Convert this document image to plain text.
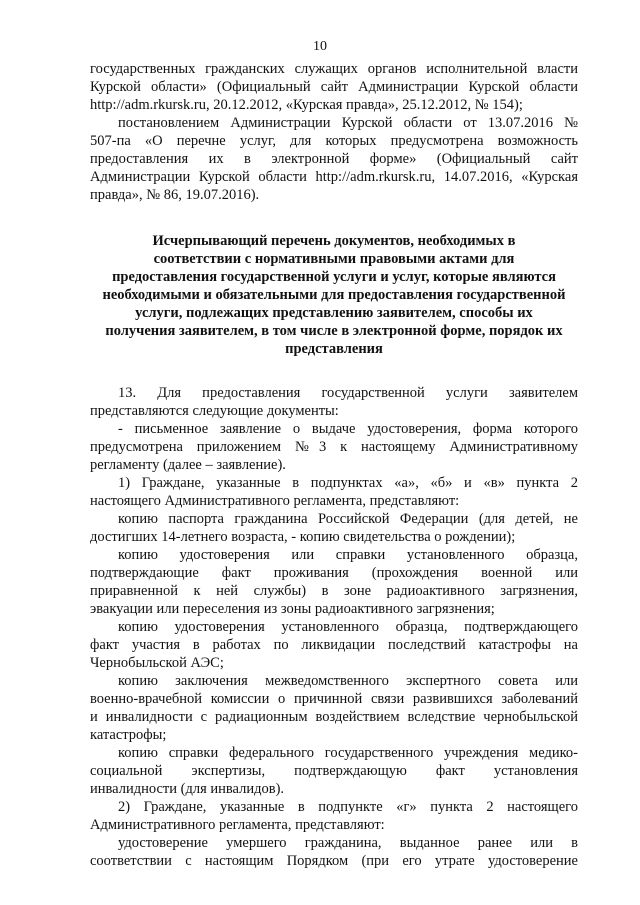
10
государственных гражданских служащих органов исполнительной власти
Курской области» (Официальный сайт Администрации Курской области
http://adm.rkursk.ru, 20.12.2012, «Курская правда», 25.12.2012, № 154);
постановлением Администрации Курской области от 13.07.2016 №
507-па «О перечне услуг, для которых предусмотрена возможность
предоставления их в электронной форме» (Официальный сайт
Администрации Курской области http://adm.rkursk.ru, 14.07.2016, «Курская
правда», № 86, 19.07.2016).
Исчерпывающий перечень документов, необходимых в
соответствии с нормативными правовыми актами для
предоставления государственной услуги и услуг, которые являются
необходимыми и обязательными для предоставления государственной
услуги, подлежащих представлению заявителем, способы их
получения заявителем, в том числе в электронной форме, порядок их
представления
13. Для предоставления государственной услуги заявителем
представляются следующие документы:
- письменное заявление о выдаче удостоверения, форма которого
предусмотрена приложением №3 к настоящему Административному
регламенту (далее – заявление).
1) Граждане, указанные в подпунктах «а», «б» и «в» пункта 2
настоящего Административного регламента, представляют:
копию паспорта гражданина Российской Федерации (для детей, не
достигших 14-летнего возраста, - копию свидетельства о рождении);
копию удостоверения или справки установленного образца,
подтверждающие факт проживания (прохождения военной или
приравненной к ней службы) в зоне радиоактивного загрязнения,
эвакуации или переселения из зоны радиоактивного загрязнения;
копию удостоверения установленного образца, подтверждающего
факт участия в работах по ликвидации последствий катастрофы на
Чернобыльской АЭС;
копию заключения межведомственного экспертного совета или
военно-врачебной комиссии о причинной связи развившихся заболеваний
и инвалидности с радиационным воздействием вследствие чернобыльской
катастрофы;
копию справки федерального государственного учреждения медико-
социальной экспертизы, подтверждающую факт установления
инвалидности (для инвалидов).
2) Граждане, указанные в подпункте «г» пункта 2 настоящего
Административного регламента, представляют:
удостоверение умершего гражданина, выданное ранее или в
соответствии с настоящим Порядком (при его утрате удостоверение
